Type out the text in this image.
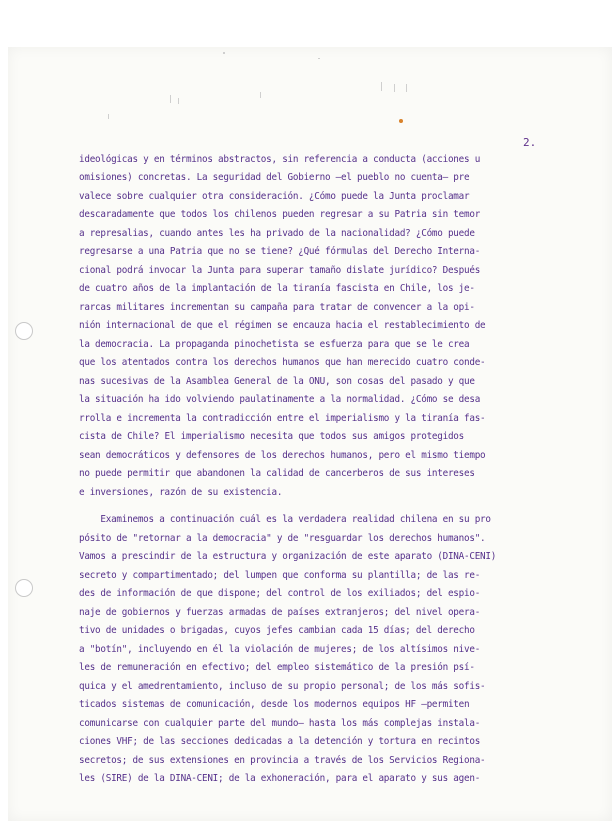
2.
ideológicas y en términos abstractos, sin referencia a conducta (acciones u
omisiones) concretas. La seguridad del Gobierno —el pueblo no cuenta— pre
valece sobre cualquier otra consideración. ¿Cómo puede la Junta proclamar
descaradamente que todos los chilenos pueden regresar a su Patria sin temor
a represalias, cuando antes les ha privado de la nacionalidad? ¿Cómo puede
regresarse a una Patria que no se tiene? ¿Qué fórmulas del Derecho Interna-
cional podrá invocar la Junta para superar tamaño dislate jurídico? Después
de cuatro años de la implantación de la tiranía fascista en Chile, los je-
rarcas militares incrementan su campaña para tratar de convencer a la opi-
nión internacional de que el régimen se encauza hacia el restablecimiento de
la democracia. La propaganda pinochetista se esfuerza para que se le crea
que los atentados contra los derechos humanos que han merecido cuatro conde-
nas sucesivas de la Asamblea General de la ONU, son cosas del pasado y que
la situación ha ido volviendo paulatinamente a la normalidad. ¿Cómo se desa
rrolla e incrementa la contradicción entre el imperialismo y la tiranía fas-
cista de Chile? El imperialismo necesita que todos sus amigos protegidos
sean democráticos y defensores de los derechos humanos, pero el mismo tiempo
no puede permitir que abandonen la calidad de cancerberos de sus intereses
e inversiones, razón de su existencia.
Examinemos a continuación cuál es la verdadera realidad chilena en su pro
pósito de "retornar a la democracia" y de "resguardar los derechos humanos".
Vamos a prescindir de la estructura y organización de este aparato (DINA-CENI)
secreto y compartimentado; del lumpen que conforma su plantilla; de las re-
des de información de que dispone; del control de los exiliados; del espio-
naje de gobiernos y fuerzas armadas de países extranjeros; del nivel opera-
tivo de unidades o brigadas, cuyos jefes cambian cada 15 días; del derecho
a "botín", incluyendo en él la violación de mujeres; de los altísimos nive-
les de remuneración en efectivo; del empleo sistemático de la presión psí-
quica y el amedrentamiento, incluso de su propio personal; de los más sofis-
ticados sistemas de comunicación, desde los modernos equipos HF —permiten
comunicarse con cualquier parte del mundo— hasta los más complejas instala-
ciones VHF; de las secciones dedicadas a la detención y tortura en recintos
secretos; de sus extensiones en provincia a través de los Servicios Regiona-
les (SIRE) de la DINA-CENI; de la exhoneración, para el aparato y sus agen-
